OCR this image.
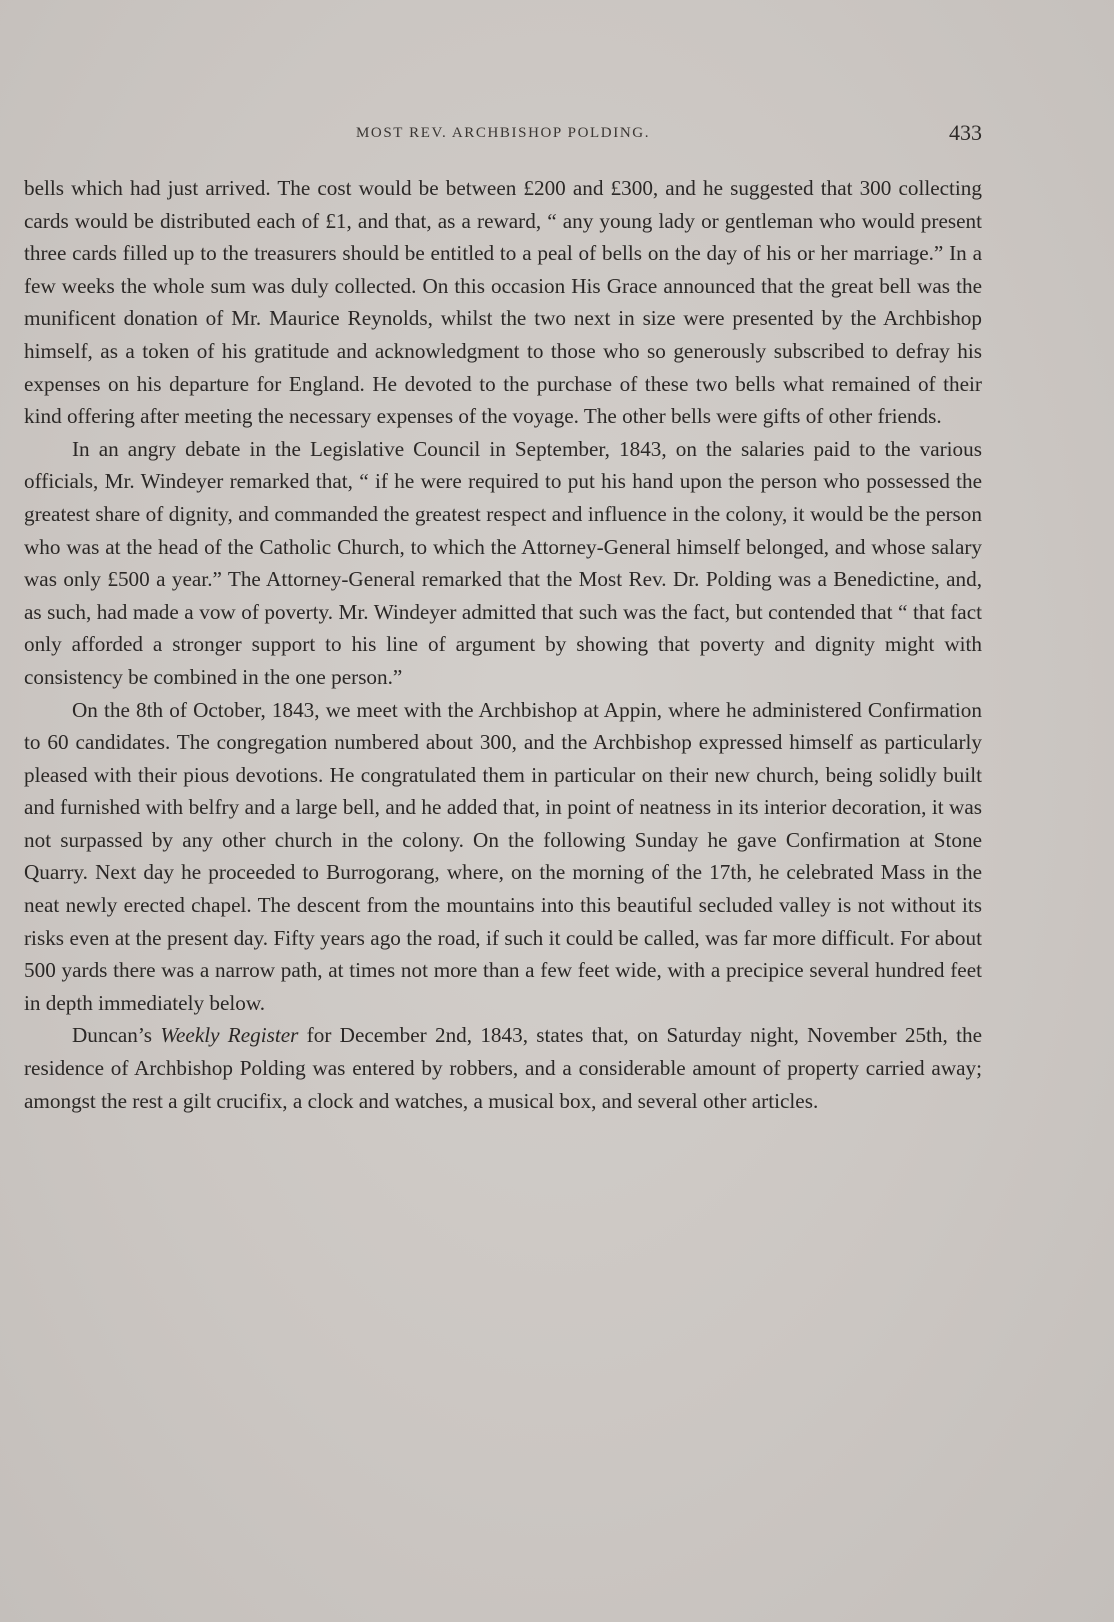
MOST REV. ARCHBISHOP POLDING.	433

bells which had just arrived. The cost would be between £200 and £300, and he suggested that 300 collecting cards would be distributed each of £1, and that, as a reward, “ any young lady or gentleman who would present three cards filled up to the treasurers should be entitled to a peal of bells on the day of his or her marriage.” In a few weeks the whole sum was duly collected. On this occasion His Grace announced that the great bell was the munificent donation of Mr. Maurice Reynolds, whilst the two next in size were presented by the Archbishop himself, as a token of his gratitude and acknowledgment to those who so generously subscribed to defray his expenses on his departure for England. He devoted to the purchase of these two bells what remained of their kind offering after meeting the necessary expenses of the voyage. The other bells were gifts of other friends.

In an angry debate in the Legislative Council in September, 1843, on the salaries paid to the various officials, Mr. Windeyer remarked that, “ if he were required to put his hand upon the person who possessed the greatest share of dignity, and commanded the greatest respect and influence in the colony, it would be the person who was at the head of the Catholic Church, to which the Attorney-General himself belonged, and whose salary was only £500 a year.” The Attorney-General remarked that the Most Rev. Dr. Polding was a Benedictine, and, as such, had made a vow of poverty. Mr. Windeyer admitted that such was the fact, but contended that “ that fact only afforded a stronger support to his line of argument by showing that poverty and dignity might with consistency be combined in the one person.”

On the 8th of October, 1843, we meet with the Archbishop at Appin, where he administered Confirmation to 60 candidates. The congregation numbered about 300, and the Archbishop expressed himself as particularly pleased with their pious devotions. He congratulated them in particular on their new church, being solidly built and furnished with belfry and a large bell, and he added that, in point of neatness in its interior decoration, it was not surpassed by any other church in the colony. On the following Sunday he gave Confirmation at Stone Quarry. Next day he proceeded to Burrogorang, where, on the morning of the 17th, he celebrated Mass in the neat newly erected chapel. The descent from the mountains into this beautiful secluded valley is not without its risks even at the present day. Fifty years ago the road, if such it could be called, was far more difficult. For about 500 yards there was a narrow path, at times not more than a few feet wide, with a precipice several hundred feet in depth immediately below.

Duncan’s Weekly Register for December 2nd, 1843, states that, on Saturday night, November 25th, the residence of Archbishop Polding was entered by robbers, and a considerable amount of property carried away; amongst the rest a gilt crucifix, a clock and watches, a musical box, and several other articles.
